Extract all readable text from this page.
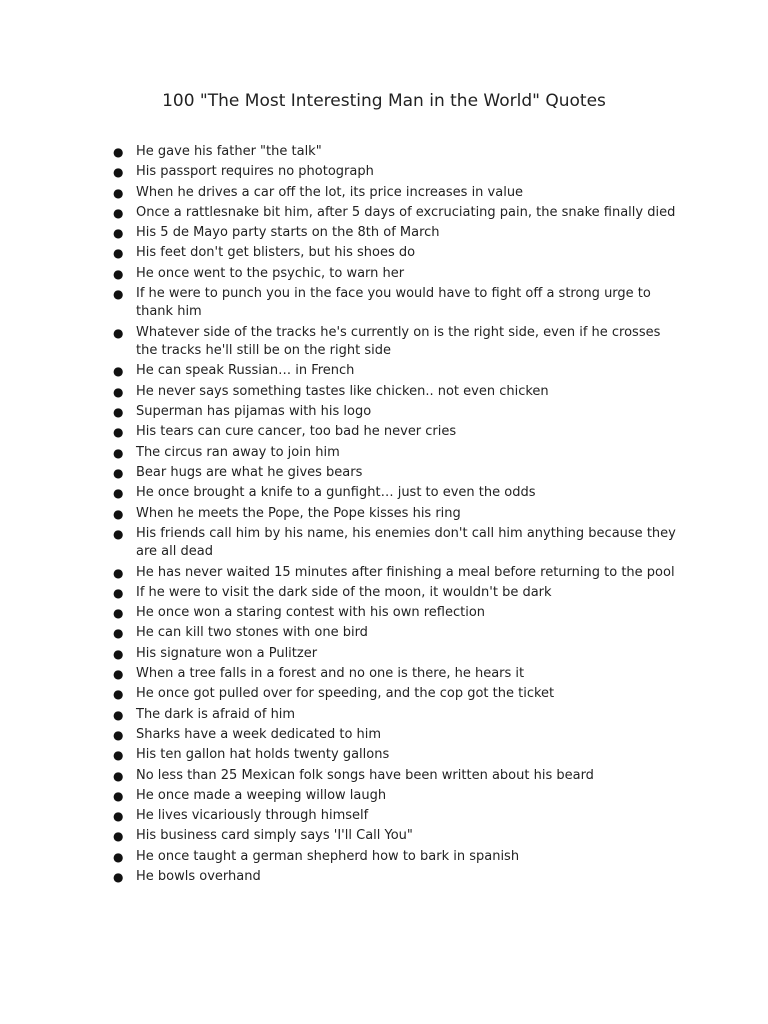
100 "The Most Interesting Man in the World" Quotes
● He gave his father "the talk"
● His passport requires no photograph
● When he drives a car off the lot, its price increases in value
● Once a rattlesnake bit him, after 5 days of excruciating pain, the snake finally died
● His 5 de Mayo party starts on the 8th of March
● His feet don't get blisters, but his shoes do
● He once went to the psychic, to warn her
● If he were to punch you in the face you would have to fight off a strong urge to thank him
● Whatever side of the tracks he's currently on is the right side, even if he crosses the tracks he'll still be on the right side
● He can speak Russian… in French
● He never says something tastes like chicken.. not even chicken
● Superman has pijamas with his logo
● His tears can cure cancer, too bad he never cries
● The circus ran away to join him
● Bear hugs are what he gives bears
● He once brought a knife to a gunfight… just to even the odds
● When he meets the Pope, the Pope kisses his ring
● His friends call him by his name, his enemies don't call him anything because they are all dead
● He has never waited 15 minutes after finishing a meal before returning to the pool
● If he were to visit the dark side of the moon, it wouldn't be dark
● He once won a staring contest with his own reflection
● He can kill two stones with one bird
● His signature won a Pulitzer
● When a tree falls in a forest and no one is there, he hears it
● He once got pulled over for speeding, and the cop got the ticket
● The dark is afraid of him
● Sharks have a week dedicated to him
● His ten gallon hat holds twenty gallons
● No less than 25 Mexican folk songs have been written about his beard
● He once made a weeping willow laugh
● He lives vicariously through himself
● His business card simply says 'I'll Call You"
● He once taught a german shepherd how to bark in spanish
● He bowls overhand
